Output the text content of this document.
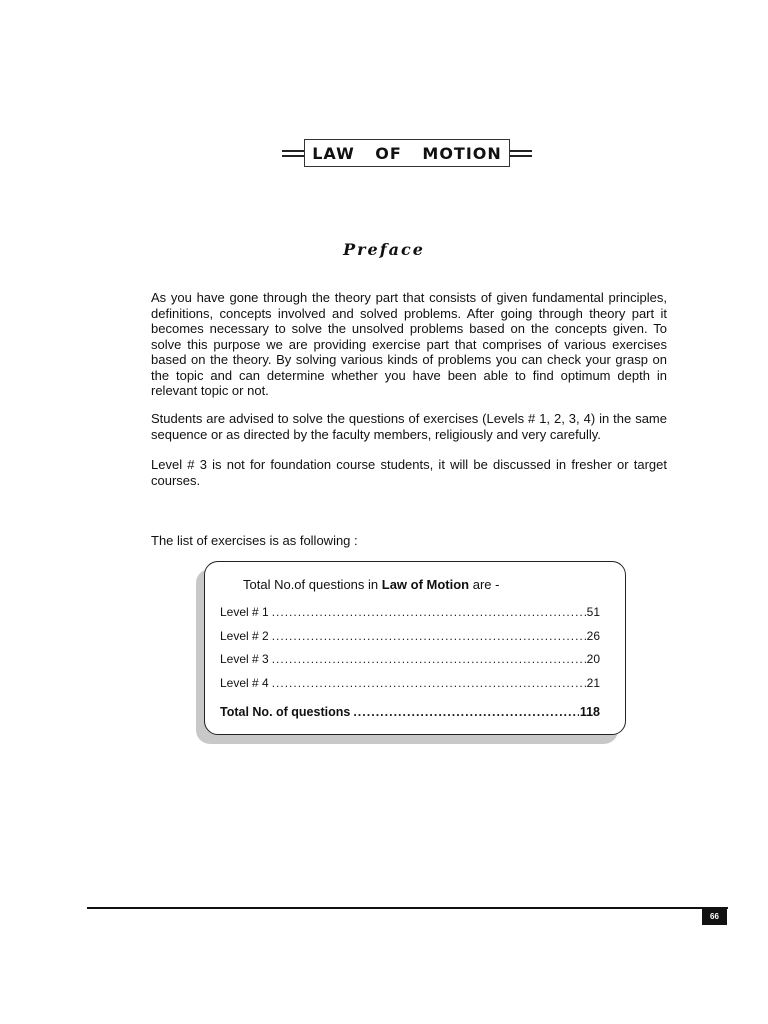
LAW OF MOTION
Preface
As you have gone through the theory part that consists of given fundamental principles, definitions, concepts involved and solved problems. After going through theory part it becomes necessary to solve the unsolved problems based on the concepts given. To solve this purpose we are providing exercise part that comprises of various exercises based on the theory. By solving various kinds of problems you can check your grasp on the topic and can determine whether you have been able to find optimum depth in relevant topic or not.
Students are advised to solve the questions of exercises (Levels # 1, 2, 3, 4) in the same sequence or as directed by the faculty members, religiously and very carefully.
Level # 3 is not for foundation course students, it will be discussed in fresher or target courses.
The list of exercises is as following :
Total No.of questions in Law of Motion are -
Level # 1 .....	51
Level # 2 .....	26
Level # 3 .....	20
Level # 4 .....	21
Total No. of questions .....	118
66
